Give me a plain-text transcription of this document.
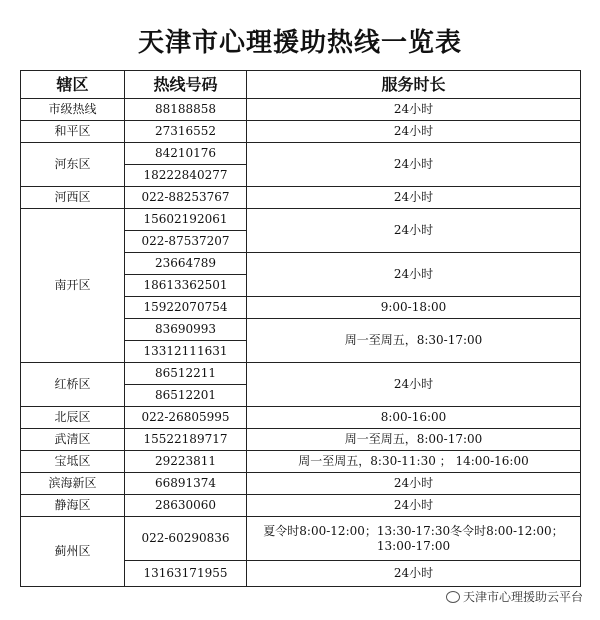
天津市心理援助热线一览表
辖区	热线号码	服务时长
市级热线	88188858	24小时
和平区	27316552	24小时
河东区	84210176	24小时
	18222840277	
河西区	022-88253767	24小时
南开区	15602192061	24小时
	022-87537207	
	23664789	24小时
	18613362501	
	15922070754	9:00-18:00
	83690993	周一至周五，8:30-17:00
	13312111631	
红桥区	86512211	24小时
	86512201	
北辰区	022-26805995	8:00-16:00
武清区	15522189717	周一至周五，8:00-17:00
宝坻区	29223811	周一至周五，8:30-11:30 ； 14:00-16:00
滨海新区	66891374	24小时
静海区	28630060	24小时
蓟州区	022-60290836	夏令时8:00-12:00；13:30-17:30冬令时8:00-12:00；13:00-17:00
	13163171955	24小时
天津市心理援助云平台
